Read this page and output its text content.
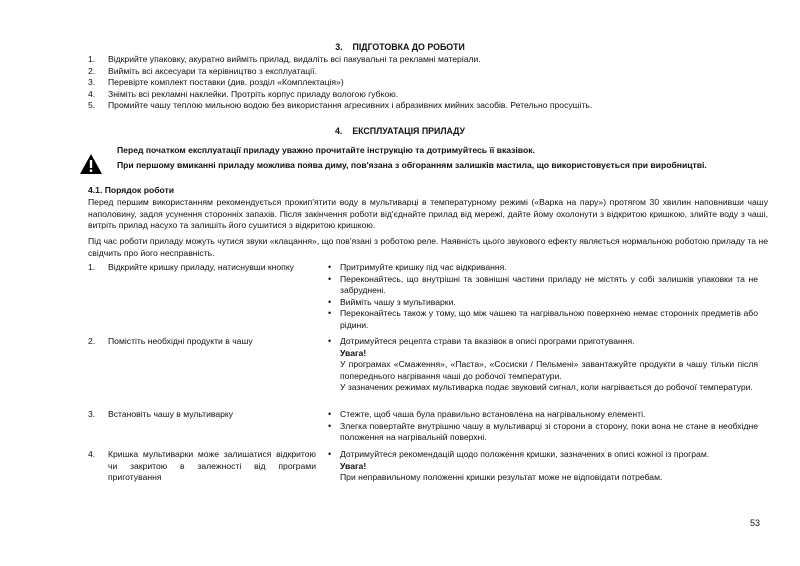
3. ПІДГОТОВКА ДО РОБОТИ
1.	Відкрийте упаковку, акуратно вийміть прилад, видаліть всі пакувальні та рекламні матеріали.
2.	Вийміть всі аксесуари та керівництво з експлуатації.
3.	Перевірте комплект поставки (див. розділ «Комплектація»)
4.	Зніміть всі рекламні наклейки. Протріть корпус приладу вологою губкою.
5.	Промийте чашу теплою мильною водою без використання агресивних і абразивних мийних засобів. Ретельно просушіть.
4. ЕКСПЛУАТАЦІЯ ПРИЛАДУ
Перед початком експлуатації приладу уважно прочитайте інструкцію та дотримуйтесь її вказівок.
При першому вмиканні приладу можлива поява диму, пов'язана з обгоранням залишків мастила, що використовується при виробництві.
4.1. Порядок роботи
Перед першим використанням рекомендується прокип'ятити воду в мультиварці в температурному режимі («Варка на пару») протягом 30 хвилин наповнивши чашу наполовину, задля усунення сторонніх запахів. Після закінчення роботи від'єднайте прилад від мережі, дайте йому охолонути з відкритою кришкою, злийте воду з чаші, витріть прилад насухо та залишіть його сушитися з відкритою кришкою.
Під час роботи приладу можуть чутися звуки «клацання», що пов'язані з роботою реле. Наявність цього звукового ефекту являється нормальною роботою приладу та не свідчить про його несправність.
1.	Відкрийте кришку приладу, натиснувши кнопку	•	Притримуйте кришку під час відкривання.
•	Переконайтесь, що внутрішні та зовнішні частини приладу не містять у собі залишків упаковки та не забруднені.
•	Вийміть чашу з мультиварки.
•	Переконайтесь також у тому, що між чашею та нагрівальною поверхнею немає сторонніх предметів або рідини.
2.	Помістіть необхідні продукти в чашу	•	Дотримуйтеся рецепта страви та вказівок в описі програми приготування.
Увага!
У програмах «Смаження», «Паста», «Сосиски / Пельмені» завантажуйте продукти в чашу тільки після попереднього нагрівання чаші до робочої температури.
У зазначених режимах мультиварка подає звуковий сигнал, коли нагрівається до робочої температури.
3.	Встановіть чашу в мультиварку	•	Стежте, щоб чаша була правильно встановлена на нагрівальному елементі.
•	Злегка повертайте внутрішню чашу в мультиварці зі сторони в сторону, поки вона не стане в необхідне положення на нагрівальній поверхні.
4.	Кришка мультиварки може залишатися відкритою чи закритою в залежності від програми приготування
•	Дотримуйтеся рекомендацій щодо положення кришки, зазначених в описі кожної із програм.
Увага!
При неправильному положенні кришки результат може не відповідати потребам.
53
